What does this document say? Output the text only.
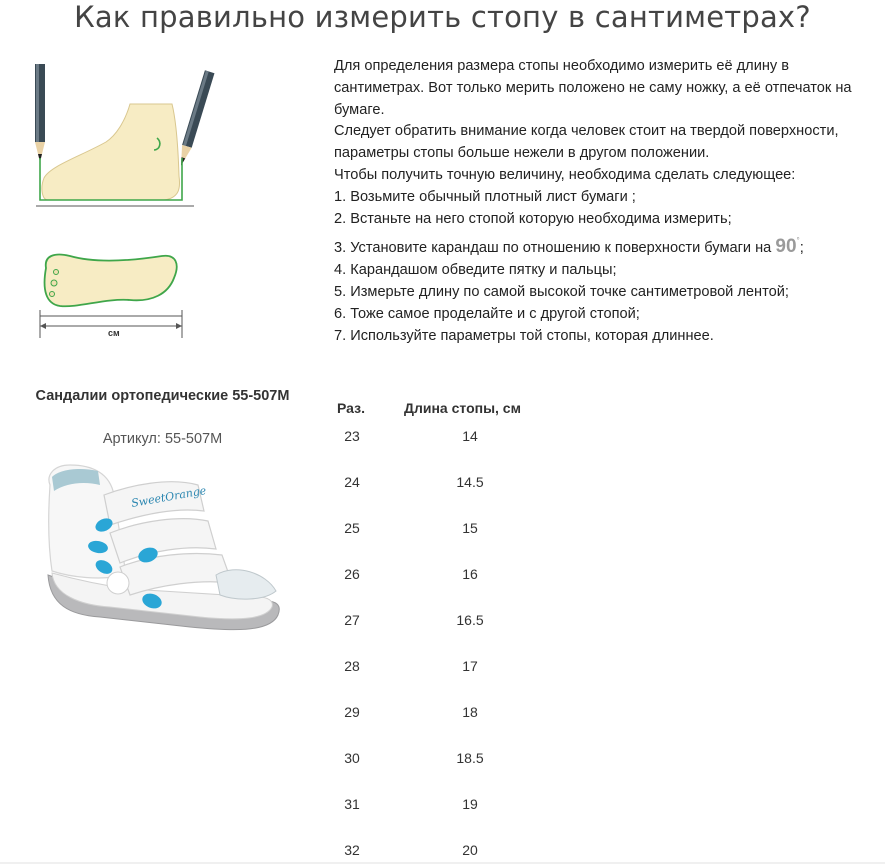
Как правильно измерить стопу в сантиметрах?
см

Для определения размера стопы необходимо измерить её длину в

сантиметрах. Вот только мерить положено не саму ножку, а её отпечаток на

бумаге.

Следует обратить внимание когда человек стоит на твердой поверхности,

параметры стопы больше нежели в другом положении.

Чтобы получить точную величину, необходима сделать следующее:

1. Возьмите обычный плотный лист бумаги ;

2. Встаньте на него стопой которую необходима измерить;

3. Установите карандаш по отношению к поверхности бумаги на 90°;

4. Карандашом обведите пятку и пальцы;

5. Измерьте длину по самой высокой точке сантиметровой лентой;

6. Тоже самое проделайте и с другой стопой;

7. Используйте параметры той стопы, которая длиннее.

Сандалии ортопедические 55-507M
Артикул: 55-507M
SweetOrange
Раз.	Длина стопы, см
23	14
24	14.5
25	15
26	16
27	16.5
28	17
29	18
30	18.5
31	19
32	20
